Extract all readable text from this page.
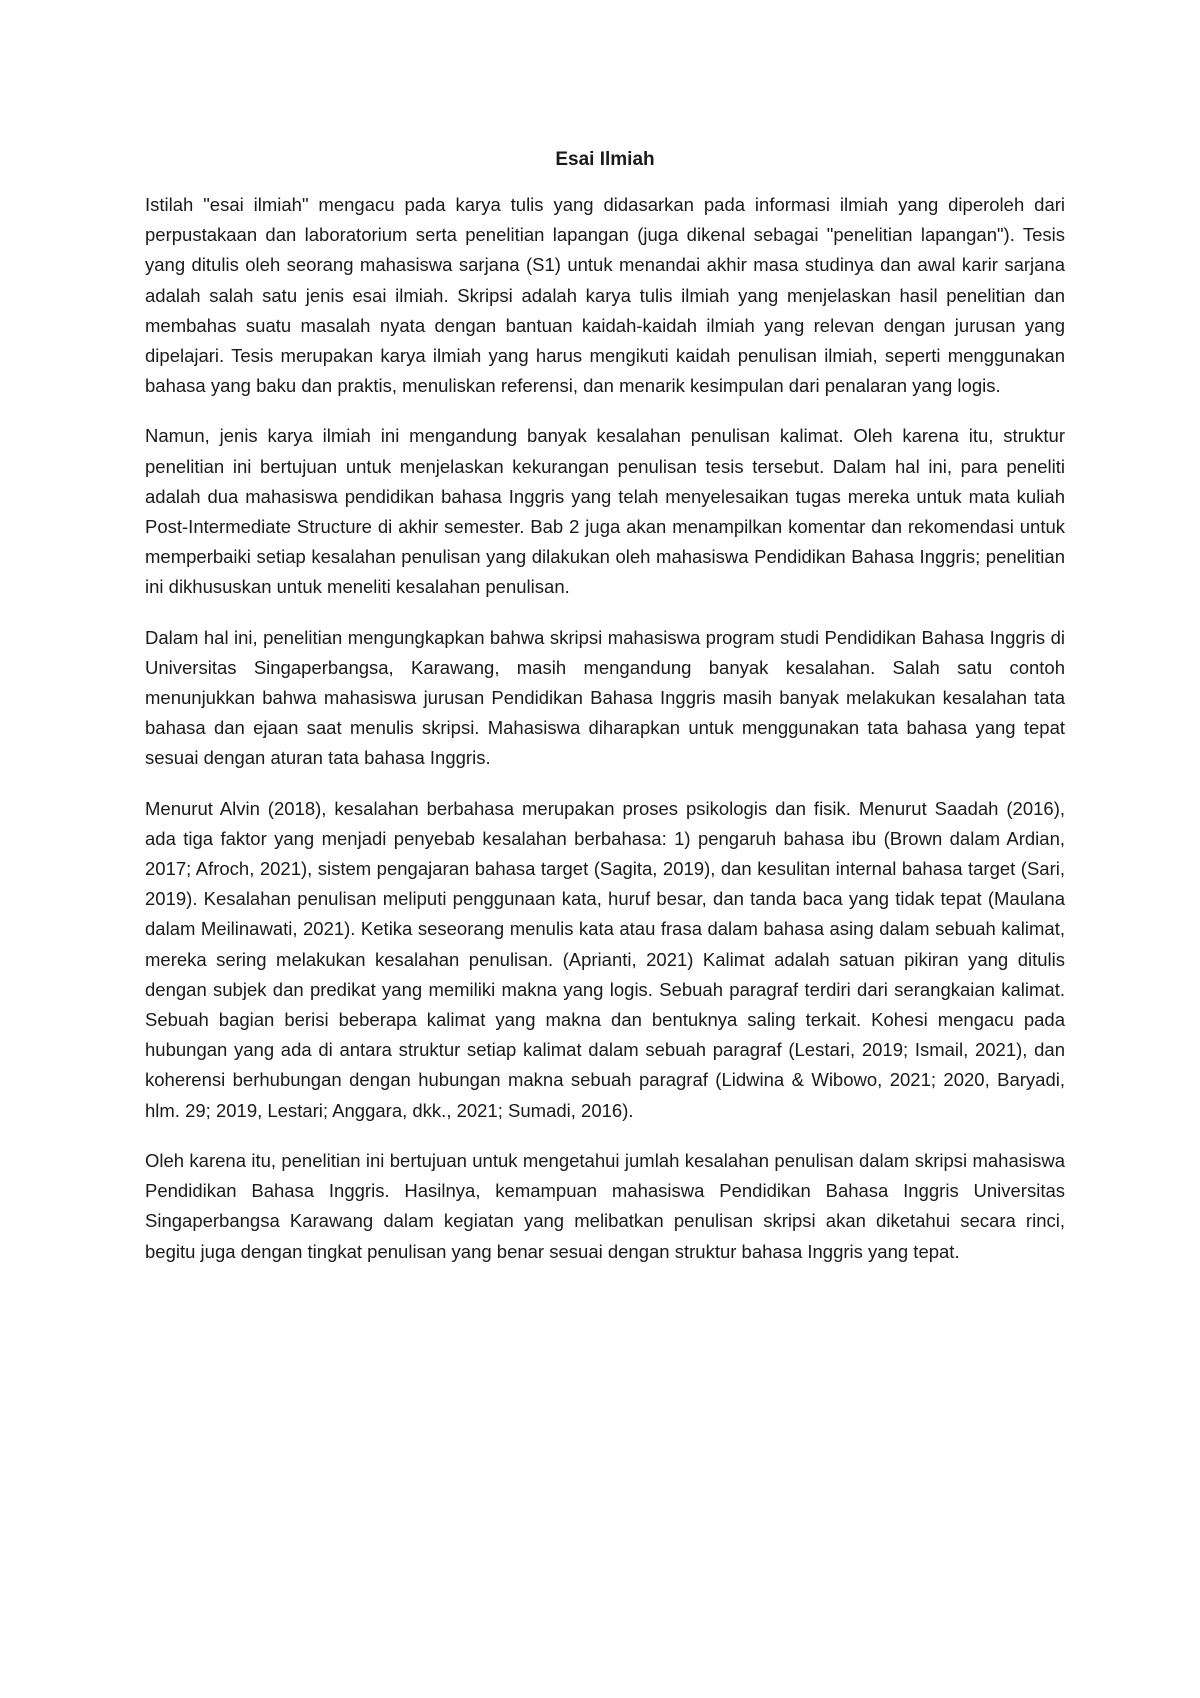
Esai Ilmiah

Istilah "esai ilmiah" mengacu pada karya tulis yang didasarkan pada informasi ilmiah yang diperoleh dari perpustakaan dan laboratorium serta penelitian lapangan (juga dikenal sebagai "penelitian lapangan"). Tesis yang ditulis oleh seorang mahasiswa sarjana (S1) untuk menandai akhir masa studinya dan awal karir sarjana adalah salah satu jenis esai ilmiah. Skripsi adalah karya tulis ilmiah yang menjelaskan hasil penelitian dan membahas suatu masalah nyata dengan bantuan kaidah-kaidah ilmiah yang relevan dengan jurusan yang dipelajari. Tesis merupakan karya ilmiah yang harus mengikuti kaidah penulisan ilmiah, seperti menggunakan bahasa yang baku dan praktis, menuliskan referensi, dan menarik kesimpulan dari penalaran yang logis.

Namun, jenis karya ilmiah ini mengandung banyak kesalahan penulisan kalimat. Oleh karena itu, struktur penelitian ini bertujuan untuk menjelaskan kekurangan penulisan tesis tersebut. Dalam hal ini, para peneliti adalah dua mahasiswa pendidikan bahasa Inggris yang telah menyelesaikan tugas mereka untuk mata kuliah Post-Intermediate Structure di akhir semester. Bab 2 juga akan menampilkan komentar dan rekomendasi untuk memperbaiki setiap kesalahan penulisan yang dilakukan oleh mahasiswa Pendidikan Bahasa Inggris; penelitian ini dikhususkan untuk meneliti kesalahan penulisan.

Dalam hal ini, penelitian mengungkapkan bahwa skripsi mahasiswa program studi Pendidikan Bahasa Inggris di Universitas Singaperbangsa, Karawang, masih mengandung banyak kesalahan. Salah satu contoh menunjukkan bahwa mahasiswa jurusan Pendidikan Bahasa Inggris masih banyak melakukan kesalahan tata bahasa dan ejaan saat menulis skripsi. Mahasiswa diharapkan untuk menggunakan tata bahasa yang tepat sesuai dengan aturan tata bahasa Inggris.

Menurut Alvin (2018), kesalahan berbahasa merupakan proses psikologis dan fisik. Menurut Saadah (2016), ada tiga faktor yang menjadi penyebab kesalahan berbahasa: 1) pengaruh bahasa ibu (Brown dalam Ardian, 2017; Afroch, 2021), sistem pengajaran bahasa target (Sagita, 2019), dan kesulitan internal bahasa target (Sari, 2019). Kesalahan penulisan meliputi penggunaan kata, huruf besar, dan tanda baca yang tidak tepat (Maulana dalam Meilinawati, 2021). Ketika seseorang menulis kata atau frasa dalam bahasa asing dalam sebuah kalimat, mereka sering melakukan kesalahan penulisan. (Aprianti, 2021) Kalimat adalah satuan pikiran yang ditulis dengan subjek dan predikat yang memiliki makna yang logis. Sebuah paragraf terdiri dari serangkaian kalimat. Sebuah bagian berisi beberapa kalimat yang makna dan bentuknya saling terkait. Kohesi mengacu pada hubungan yang ada di antara struktur setiap kalimat dalam sebuah paragraf (Lestari, 2019; Ismail, 2021), dan koherensi berhubungan dengan hubungan makna sebuah paragraf (Lidwina & Wibowo, 2021; 2020, Baryadi, hlm. 29; 2019, Lestari; Anggara, dkk., 2021; Sumadi, 2016).

Oleh karena itu, penelitian ini bertujuan untuk mengetahui jumlah kesalahan penulisan dalam skripsi mahasiswa Pendidikan Bahasa Inggris. Hasilnya, kemampuan mahasiswa Pendidikan Bahasa Inggris Universitas Singaperbangsa Karawang dalam kegiatan yang melibatkan penulisan skripsi akan diketahui secara rinci, begitu juga dengan tingkat penulisan yang benar sesuai dengan struktur bahasa Inggris yang tepat.
